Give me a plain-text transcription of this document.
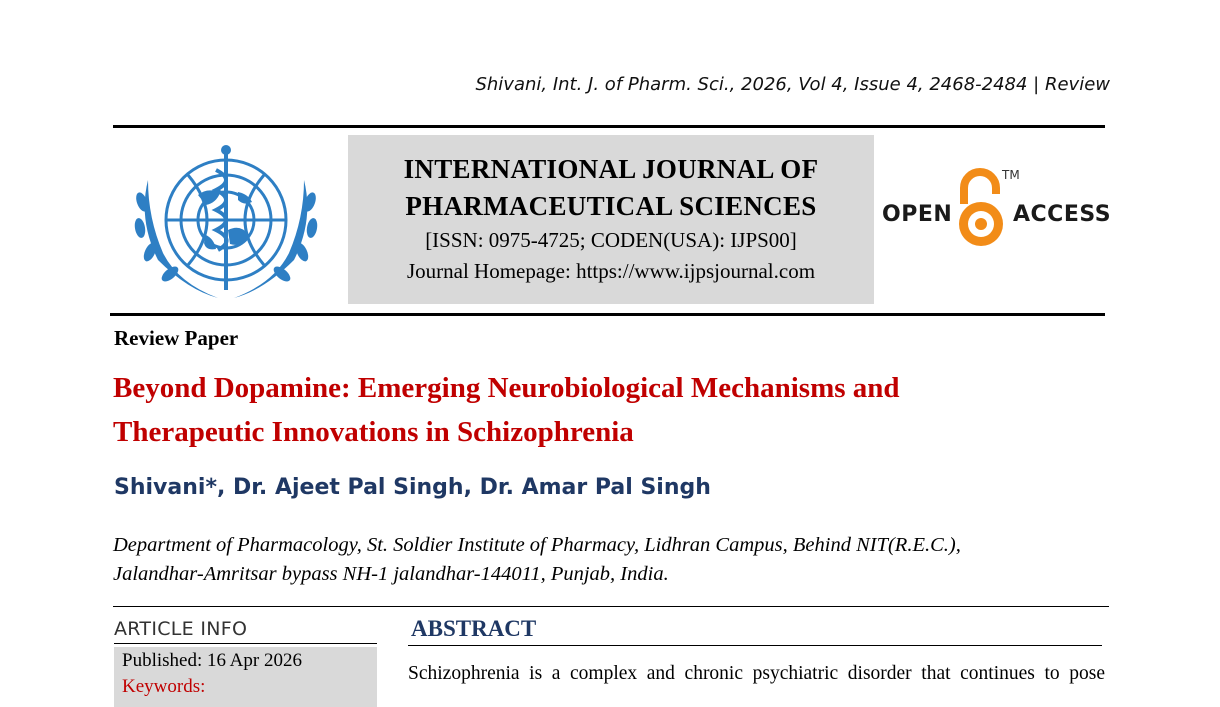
Shivani, Int. J. of Pharm. Sci., 2026, Vol 4, Issue 4, 2468-2484 | Review
INTERNATIONAL JOURNAL OF
PHARMACEUTICAL SCIENCES
[ISSN: 0975-4725; CODEN(USA): IJPS00]
Journal Homepage: https://www.ijpsjournal.com
OPEN
TM
ACCESS
Review Paper
Beyond Dopamine: Emerging Neurobiological Mechanisms and
Therapeutic Innovations in Schizophrenia
Shivani*, Dr. Ajeet Pal Singh, Dr. Amar Pal Singh
Department of Pharmacology, St. Soldier Institute of Pharmacy, Lidhran Campus, Behind NIT(R.E.C.),
Jalandhar-Amritsar bypass NH-1 jalandhar-144011, Punjab, India.
ARTICLE INFO
Published: 16 Apr 2026
Keywords:
ABSTRACT
Schizophrenia is a complex and chronic psychiatric disorder that continues to pose
